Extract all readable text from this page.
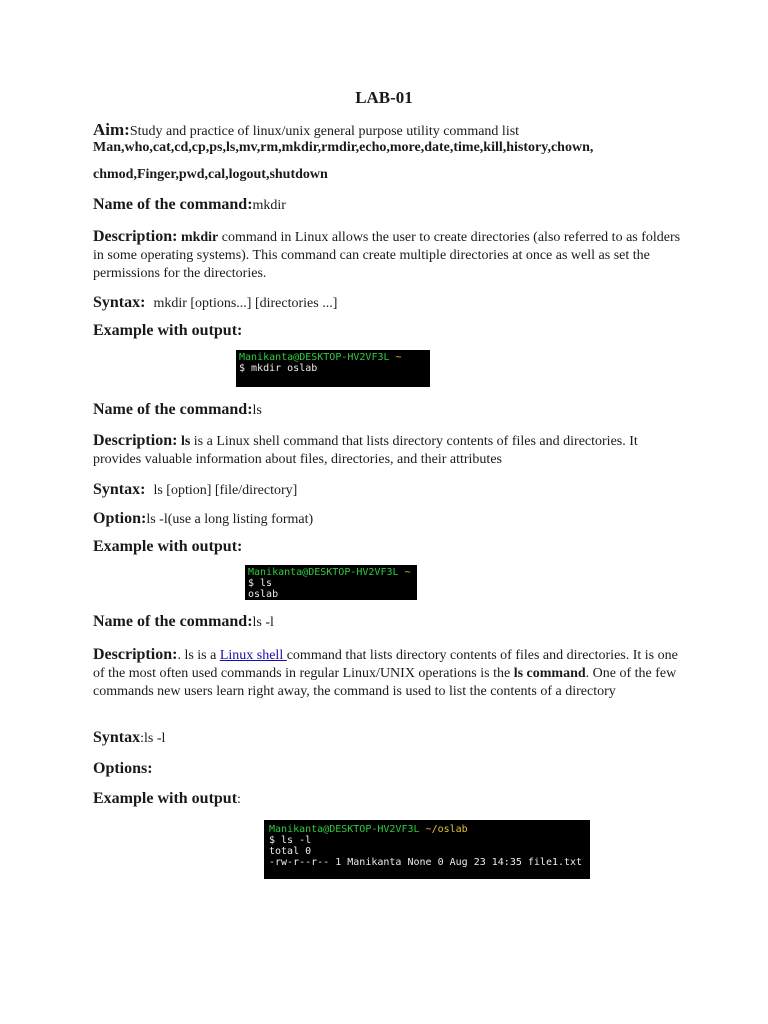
LAB-01
Aim:Study and practice of linux/unix general purpose utility command list
Man,who,cat,cd,cp,ps,ls,mv,rm,mkdir,rmdir,echo,more,date,time,kill,history,chown,
chmod,Finger,pwd,cal,logout,shutdown
Name of the command:mkdir
Description: mkdir command in Linux allows the user to create directories (also referred to as folders in some operating systems). This command can create multiple directories at once as well as set the permissions for the directories.
Syntax: mkdir [options...] [directories ...]
Example with output:
Manikanta@DESKTOP-HV2VF3L ~
$ mkdir oslab
Name of the command:ls
Description: ls is a Linux shell command that lists directory contents of files and directories. It provides valuable information about files, directories, and their attributes
Syntax: ls [option] [file/directory]
Option:ls -l(use a long listing format)
Example with output:
Manikanta@DESKTOP-HV2VF3L ~
$ ls
oslab
Name of the command:ls -l
Description:. ls is a Linux shell command that lists directory contents of files and directories. It is one of the most often used commands in regular Linux/UNIX operations is the ls command. One of the few commands new users learn right away, the command is used to list the contents of a directory
Syntax:ls -l
Options:
Example with output:
Manikanta@DESKTOP-HV2VF3L ~/oslab
$ ls -l
total 0
-rw-r--r-- 1 Manikanta None 0 Aug 23 14:35 file1.txt
